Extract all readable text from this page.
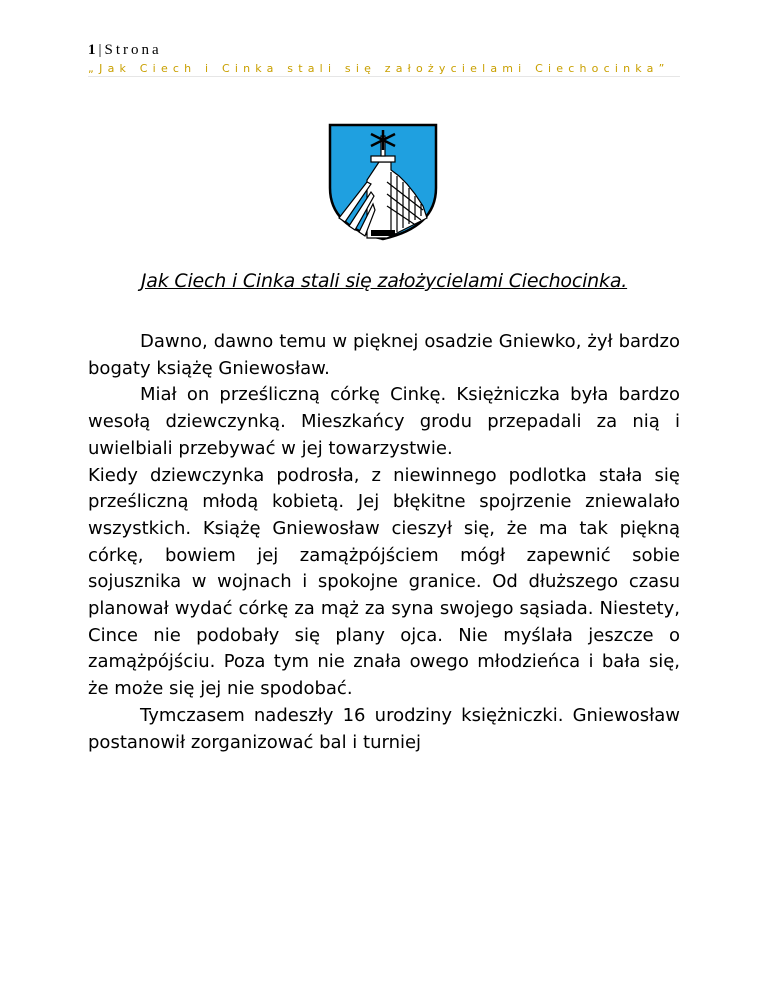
1|Strona
„Jak Ciech i Cinka stali się założycielami Ciechocinka”
Jak Ciech i Cinka stali się założycielami Ciechocinka.

Dawno, dawno temu w pięknej osadzie Gniewko, żył bardzo bogaty książę Gniewosław.

Miał on prześliczną córkę Cinkę. Księżniczka była bardzo wesołą dziewczynką. Mieszkańcy grodu przepadali za nią i uwielbiali przebywać w jej towarzystwie.

Kiedy dziewczynka podrosła, z niewinnego podlotka stała się prześliczną młodą kobietą. Jej błękitne spojrzenie zniewalało wszystkich. Książę Gniewosław cieszył się, że ma tak piękną córkę, bowiem jej zamążpójściem mógł zapewnić sobie sojusznika w wojnach i spokojne granice. Od dłuższego czasu planował wydać córkę za mąż za syna swojego sąsiada. Niestety, Cince nie podobały się plany ojca. Nie myślała jeszcze o zamążpójściu. Poza tym nie znała owego młodzieńca i bała się, że może się jej nie spodobać.

Tymczasem nadeszły 16 urodziny księżniczki. Gniewosław postanowił zorganizować bal i turniej
